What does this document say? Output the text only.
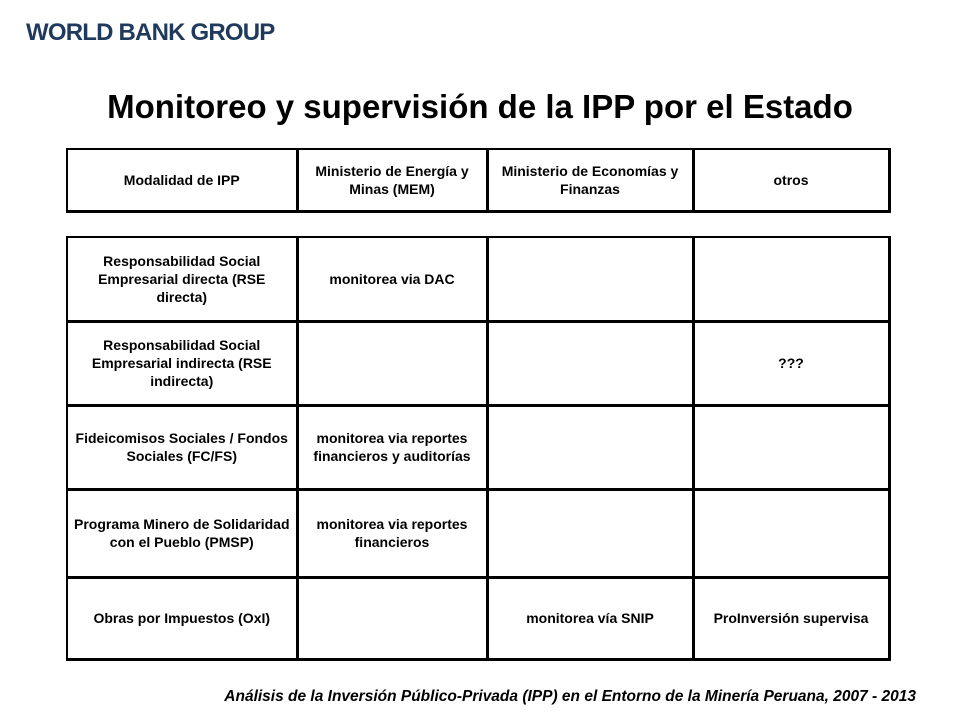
WORLD BANK GROUP
Monitoreo y supervisión de la IPP por el Estado
Modalidad de IPP	Ministerio de Energía y Minas (MEM)	Ministerio de Economías y Finanzas	otros
Responsabilidad Social Empresarial directa (RSE directa)	monitorea via DAC		
Responsabilidad Social Empresarial indirecta (RSE indirecta)			???
Fideicomisos Sociales / Fondos Sociales (FC/FS)	monitorea via reportes financieros y auditorías		
Programa Minero de Solidaridad con el Pueblo (PMSP)	monitorea via reportes financieros		
Obras por Impuestos (OxI)		monitorea vía SNIP	ProInversión supervisa
Análisis de la Inversión Público-Privada (IPP) en el Entorno de la Minería Peruana, 2007 - 2013
